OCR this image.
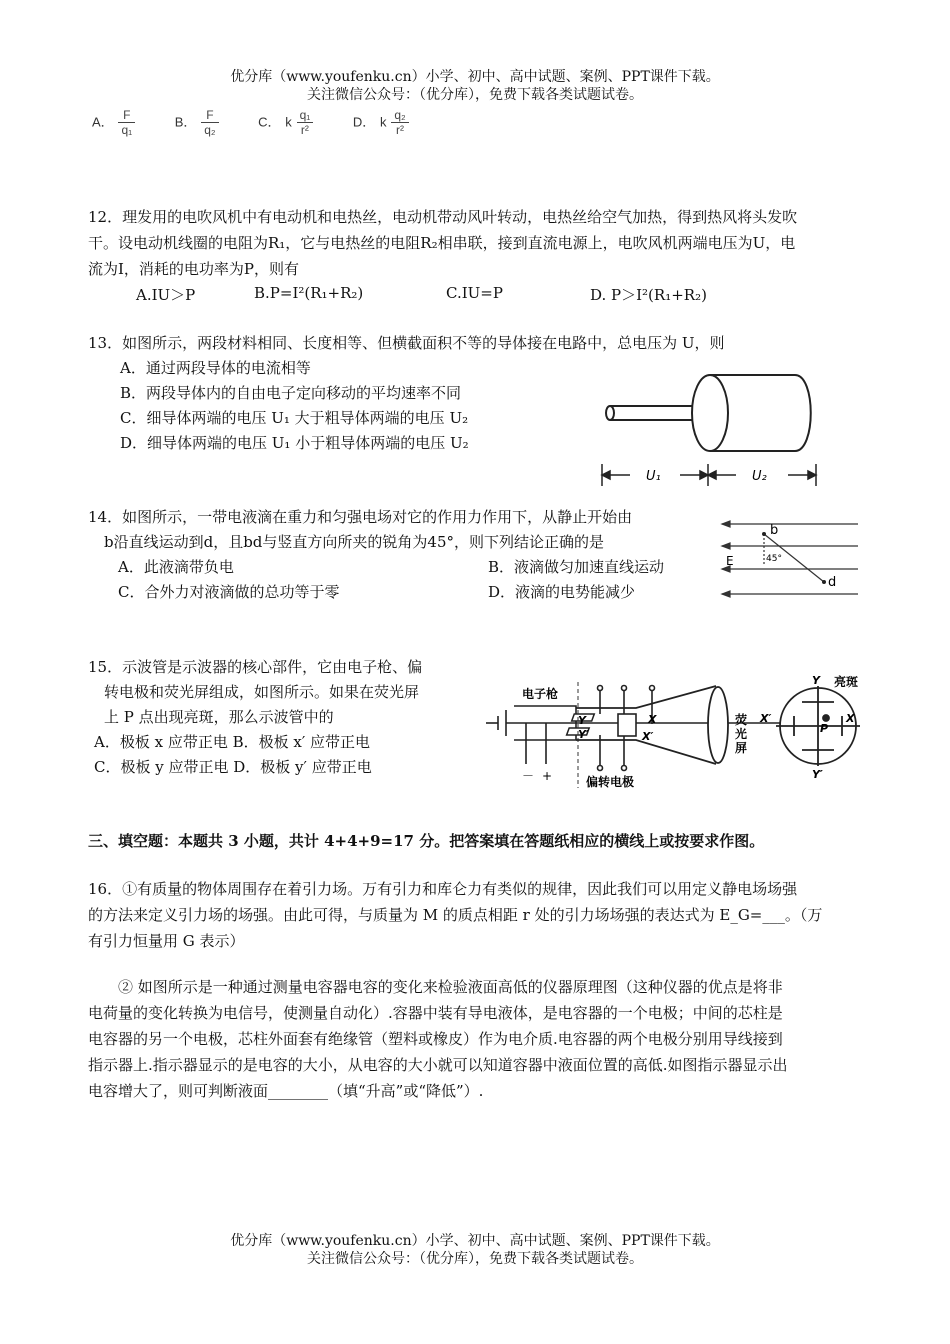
优分库（www.youfenku.cn）小学、初中、高中试题、案例、PPT课件下载。
关注微信公众号：（优分库），免费下载各类试题试卷。
A． $\frac{F}{\text{q₁}}$	B． $\frac{F}{\text{q₂}}$	C． k $\frac{\text{q₁}}{\text{r²}}$	D． k $\frac{\text{q₂}}{\text{r²}}$
12．理发用的电吹风机中有电动机和电热丝，电动机带动风叶转动，电热丝给空气加热，得到热风将头发吹
干。设电动机线圈的电阻为R₁，它与电热丝的电阻R₂相串联，接到直流电源上，电吹风机两端电压为U，电
流为I，消耗的电功率为P，则有
A.IU＞P	B.P=I²(R₁+R₂)	C.IU=P	D. P＞I²(R₁+R₂)
13．如图所示，两段材料相同、长度相等、但横截面积不等的导体接在电路中，总电压为 U，则
A．通过两段导体的电流相等
B．两段导体内的自由电子定向移动的平均速率不同
C．细导体两端的电压 U₁ 大于粗导体两端的电压 U₂
D．细导体两端的电压 U₁ 小于粗导体两端的电压 U₂
U₁	U₂
14．如图所示，一带电液滴在重力和匀强电场对它的作用力作用下，从静止开始由
b沿直线运动到d，且bd与竖直方向所夹的锐角为45°，则下列结论正确的是
A．此液滴带负电	B．液滴做匀加速直线运动
C．合外力对液滴做的总功等于零	D．液滴的电势能减少
b
d
E	45°
15．示波管是示波器的核心部件，它由电子枪、偏
转电极和荧光屏组成，如图所示。如果在荧光屏
上 P 点出现亮斑，那么示波管中的
A．极板 x 应带正电 B．极板 x′ 应带正电
C．极板 y 应带正电 D．极板 y′ 应带正电
电子枪
偏转电极
－ +
荧
光
屏
Y
Y′
X
X′
亮斑
Y
Y′
X′	X
P
三、填空题：本题共 3 小题，共计 4+4+9=17 分。把答案填在答题纸相应的横线上或按要求作图。
16．①有质量的物体周围存在着引力场。万有引力和库仑力有类似的规律，因此我们可以用定义静电场场强
的方法来定义引力场的场强。由此可得，与质量为 M 的质点相距 r 处的引力场场强的表达式为 E_G=___。（万
有引力恒量用 G 表示）
② 如图所示是一种通过测量电容器电容的变化来检验液面高低的仪器原理图（这种仪器的优点是将非
电荷量的变化转换为电信号，使测量自动化）.容器中装有导电液体，是电容器的一个电极；中间的芯柱是
电容器的另一个电极，芯柱外面套有绝缘管（塑料或橡皮）作为电介质.电容器的两个电极分别用导线接到
指示器上.指示器显示的是电容的大小，从电容的大小就可以知道容器中液面位置的高低.如图指示器显示出
电容增大了，则可判断液面________（填“升高”或“降低”）.
优分库（www.youfenku.cn）小学、初中、高中试题、案例、PPT课件下载。
关注微信公众号：（优分库），免费下载各类试题试卷。
